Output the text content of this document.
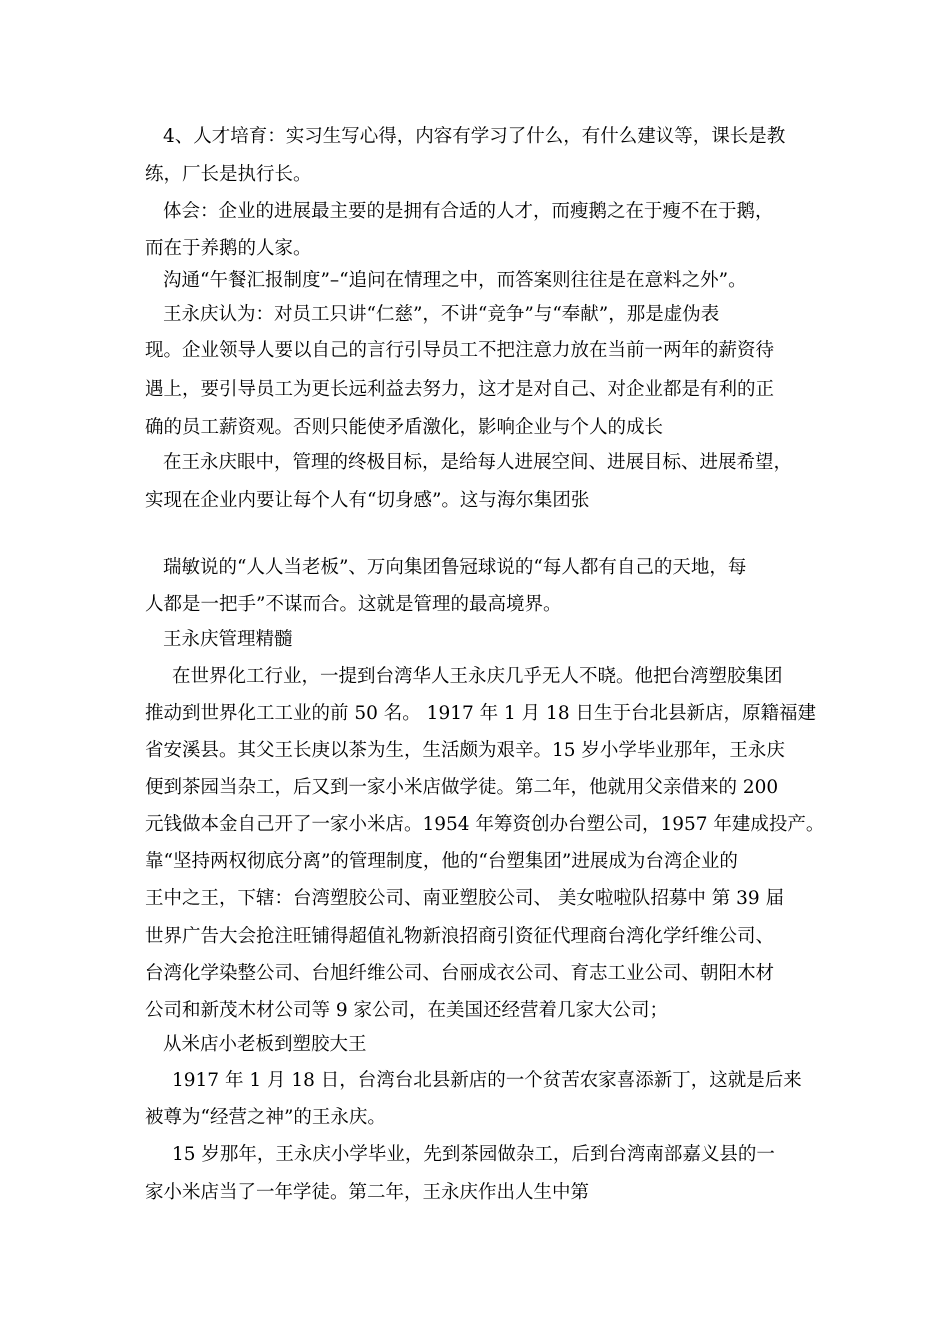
4、人才培育：实习生写心得，内容有学习了什么，有什么建议等，课长是教
练，厂长是执行长。
体会：企业的进展最主要的是拥有合适的人才，而瘦鹅之在于瘦不在于鹅，
而在于养鹅的人家。
沟通“午餐汇报制度”–“追问在情理之中，而答案则往往是在意料之外”。
王永庆认为：对员工只讲“仁慈”，不讲“竞争”与“奉献”，那是虚伪表
现。企业领导人要以自己的言行引导员工不把注意力放在当前一两年的薪资待
遇上，要引导员工为更长远利益去努力，这才是对自己、对企业都是有利的正
确的员工薪资观。否则只能使矛盾激化，影响企业与个人的成长
在王永庆眼中，管理的终极目标，是给每人进展空间、进展目标、进展希望，
实现在企业内要让每个人有“切身感”。这与海尔集团张
瑞敏说的“人人当老板”、万向集团鲁冠球说的“每人都有自己的天地，每
人都是一把手”不谋而合。这就是管理的最高境界。
王永庆管理精髓
在世界化工行业，一提到台湾华人王永庆几乎无人不晓。他把台湾塑胶集团
推动到世界化工工业的前 50 名。 1917 年 1 月 18 日生于台北县新店，原籍福建
省安溪县。其父王长庚以茶为生，生活颇为艰辛。15 岁小学毕业那年，王永庆
便到茶园当杂工，后又到一家小米店做学徒。第二年，他就用父亲借来的 200
元钱做本金自己开了一家小米店。1954 年筹资创办台塑公司，1957 年建成投产。
靠“坚持两权彻底分离”的管理制度，他的“台塑集团”进展成为台湾企业的
王中之王，下辖：台湾塑胶公司、南亚塑胶公司、 美女啦啦队招募中 第 39 届
世界广告大会抢注旺铺得超值礼物新浪招商引资征代理商台湾化学纤维公司、
台湾化学染整公司、台旭纤维公司、台丽成衣公司、育志工业公司、朝阳木材
公司和新茂木材公司等 9 家公司，在美国还经营着几家大公司；
从米店小老板到塑胶大王
1917 年 1 月 18 日，台湾台北县新店的一个贫苦农家喜添新丁，这就是后来
被尊为“经营之神”的王永庆。
15 岁那年，王永庆小学毕业，先到茶园做杂工，后到台湾南部嘉义县的一
家小米店当了一年学徒。第二年，王永庆作出人生中第
